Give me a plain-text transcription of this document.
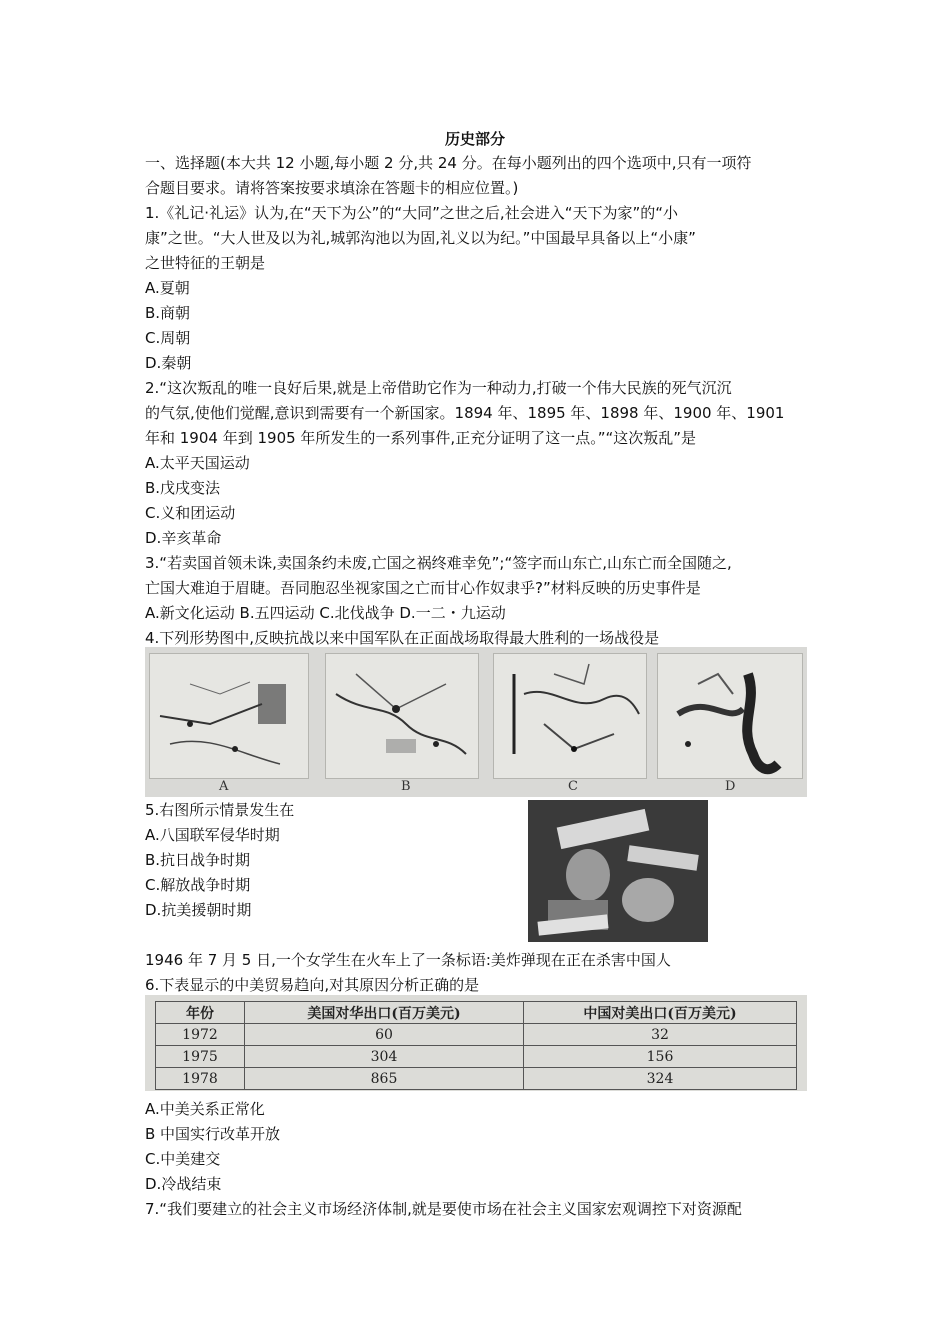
历史部分
一、选择题(本大共 12 小题,每小题 2 分,共 24 分。在每小题列出的四个选项中,只有一项符
合题目要求。请将答案按要求填涂在答题卡的相应位置。)
1.《礼记·礼运》认为,在“天下为公”的“大同”之世之后,社会进入“天下为家”的“小
康”之世。“大人世及以为礼,城郭沟池以为固,礼义以为纪。”中国最早具备以上“小康”
之世特征的王朝是
A.夏朝
B.商朝
C.周朝
D.秦朝
2.“这次叛乱的唯一良好后果,就是上帝借助它作为一种动力,打破一个伟大民族的死气沉沉
的气氛,使他们觉醒,意识到需要有一个新国家。1894 年、1895 年、1898 年、1900 年、1901
年和 1904 年到 1905 年所发生的一系列事件,正充分证明了这一点。”“这次叛乱”是
A.太平天国运动
B.戊戌变法
C.义和团运动
D.辛亥革命
3.“若卖国首领未诛,卖国条约未废,亡国之祸终难幸免”;“签字而山东亡,山东亡而全国随之,
亡国大难迫于眉睫。吾同胞忍坐视家国之亡而甘心作奴隶乎?”材料反映的历史事件是
A.新文化运动 B.五四运动 C.北伐战争 D.一二・九运动
4.下列形势图中,反映抗战以来中国军队在正面战场取得最大胜利的一场战役是
A	B	C	D
5.右图所示情景发生在
A.八国联军侵华时期
B.抗日战争时期
C.解放战争时期
D.抗美援朝时期
1946 年 7 月 5 日,一个女学生在火车上了一条标语:美炸弹现在正在杀害中国人
6.下表显示的中美贸易趋向,对其原因分析正确的是
年份	美国对华出口(百万美元)	中国对美出口(百万美元)
1972	60	32
1975	304	156
1978	865	324
A.中美关系正常化
B 中国实行改革开放
C.中美建交
D.冷战结束
7.“我们要建立的社会主义市场经济体制,就是要使市场在社会主义国家宏观调控下对资源配
